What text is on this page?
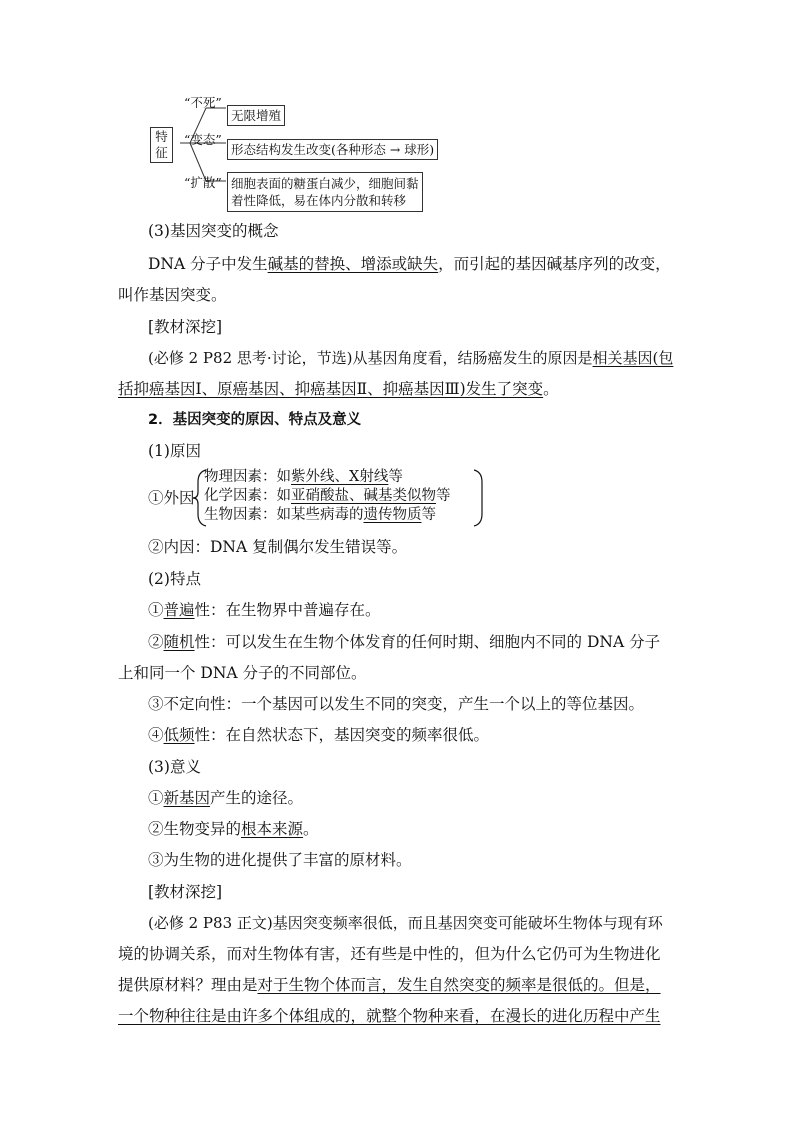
特征
“不死”
无限增殖
“变态”
形态结构发生改变(各种形态 → 球形)
“扩散” 细胞表面的糖蛋白减少，细胞间黏
着性降低，易在体内分散和转移
(3)基因突变的概念
DNA 分子中发生碱基的替换、增添或缺失，而引起的基因碱基序列的改变，
叫作基因突变。
[教材深挖]
(必修 2 P82 思考·讨论，节选)从基因角度看，结肠癌发生的原因是相关基因(包
括抑癌基因Ⅰ、原癌基因、抑癌基因Ⅱ、抑癌基因Ⅲ)发生了突变。
2．基因突变的原因、特点及意义
(1)原因
①外因
物理因素：如紫外线、X射线等
化学因素：如亚硝酸盐、碱基类似物等
生物因素：如某些病毒的遗传物质等
②内因：DNA 复制偶尔发生错误等。
(2)特点
①普遍性：在生物界中普遍存在。
②随机性：可以发生在生物个体发育的任何时期、细胞内不同的 DNA 分子
上和同一个 DNA 分子的不同部位。
③不定向性：一个基因可以发生不同的突变，产生一个以上的等位基因。
④低频性：在自然状态下，基因突变的频率很低。
(3)意义
①新基因产生的途径。
②生物变异的根本来源。
③为生物的进化提供了丰富的原材料。
[教材深挖]
(必修 2 P83 正文)基因突变频率很低，而且基因突变可能破坏生物体与现有环
境的协调关系，而对生物体有害，还有些是中性的，但为什么它仍可为生物进化
提供原材料？理由是对于生物个体而言，发生自然突变的频率是很低的。但是，
一个物种往往是由许多个体组成的，就整个物种来看，在漫长的进化历程中产生
